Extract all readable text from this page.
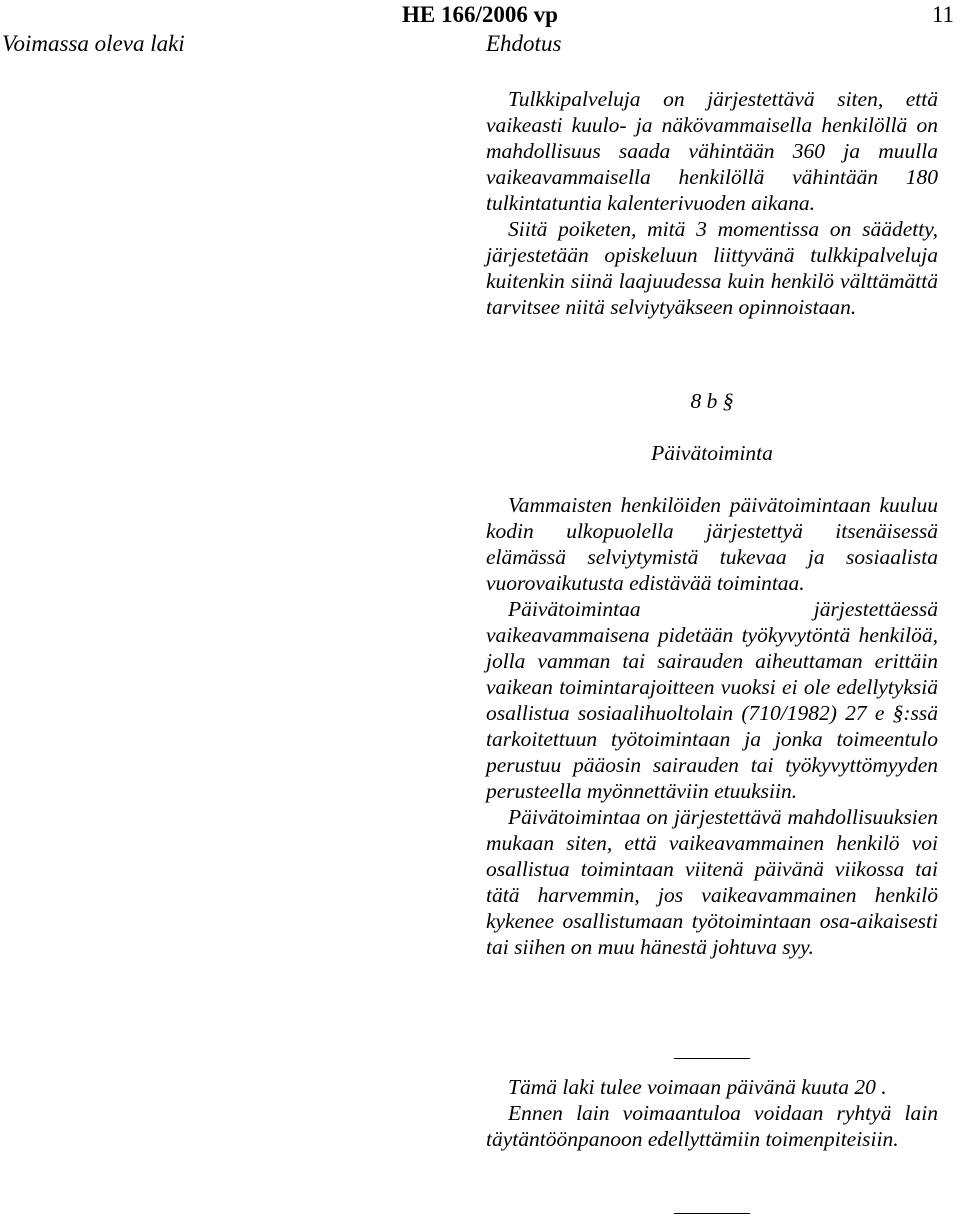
HE 166/2006 vp	11
Voimassa oleva laki	Ehdotus

Tulkkipalveluja on järjestettävä siten, että vaikeasti kuulo- ja näkövammaisella henkilöllä on mahdollisuus saada vähintään 360 ja muulla vaikeavammaisella henkilöllä vähintään 180 tulkintatuntia kalenterivuoden aikana.

Siitä poiketen, mitä 3 momentissa on säädetty, järjestetään opiskeluun liittyvänä tulkkipalveluja kuitenkin siinä laajuudessa kuin henkilö välttämättä tarvitsee niitä selviytyäkseen opinnoistaan.

8 b §
Päivätoiminta

Vammaisten henkilöiden päivätoimintaan kuuluu kodin ulkopuolella järjestettyä itsenäisessä elämässä selviytymistä tukevaa ja sosiaalista vuorovaikutusta edistävää toimintaa.

Päivätoimintaa järjestettäessä vaikeavammaisena pidetään työkyvytöntä henkilöä, jolla vamman tai sairauden aiheuttaman erittäin vaikean toimintarajoitteen vuoksi ei ole edellytyksiä osallistua sosiaalihuoltolain (710/1982) 27 e §:ssä tarkoitettuun työtoimintaan ja jonka toimeentulo perustuu pääosin sairauden tai työkyvyttömyyden perusteella myönnettäviin etuuksiin.

Päivätoimintaa on järjestettävä mahdollisuuksien mukaan siten, että vaikeavammainen henkilö voi osallistua toimintaan viitenä päivänä viikossa tai tätä harvemmin, jos vaikeavammainen henkilö kykenee osallistumaan työtoimintaan osa-aikaisesti tai siihen on muu hänestä johtuva syy.

Tämä laki tulee voimaan päivänä kuuta 20 .

Ennen lain voimaantuloa voidaan ryhtyä lain täytäntöönpanoon edellyttämiin toimenpiteisiin.
